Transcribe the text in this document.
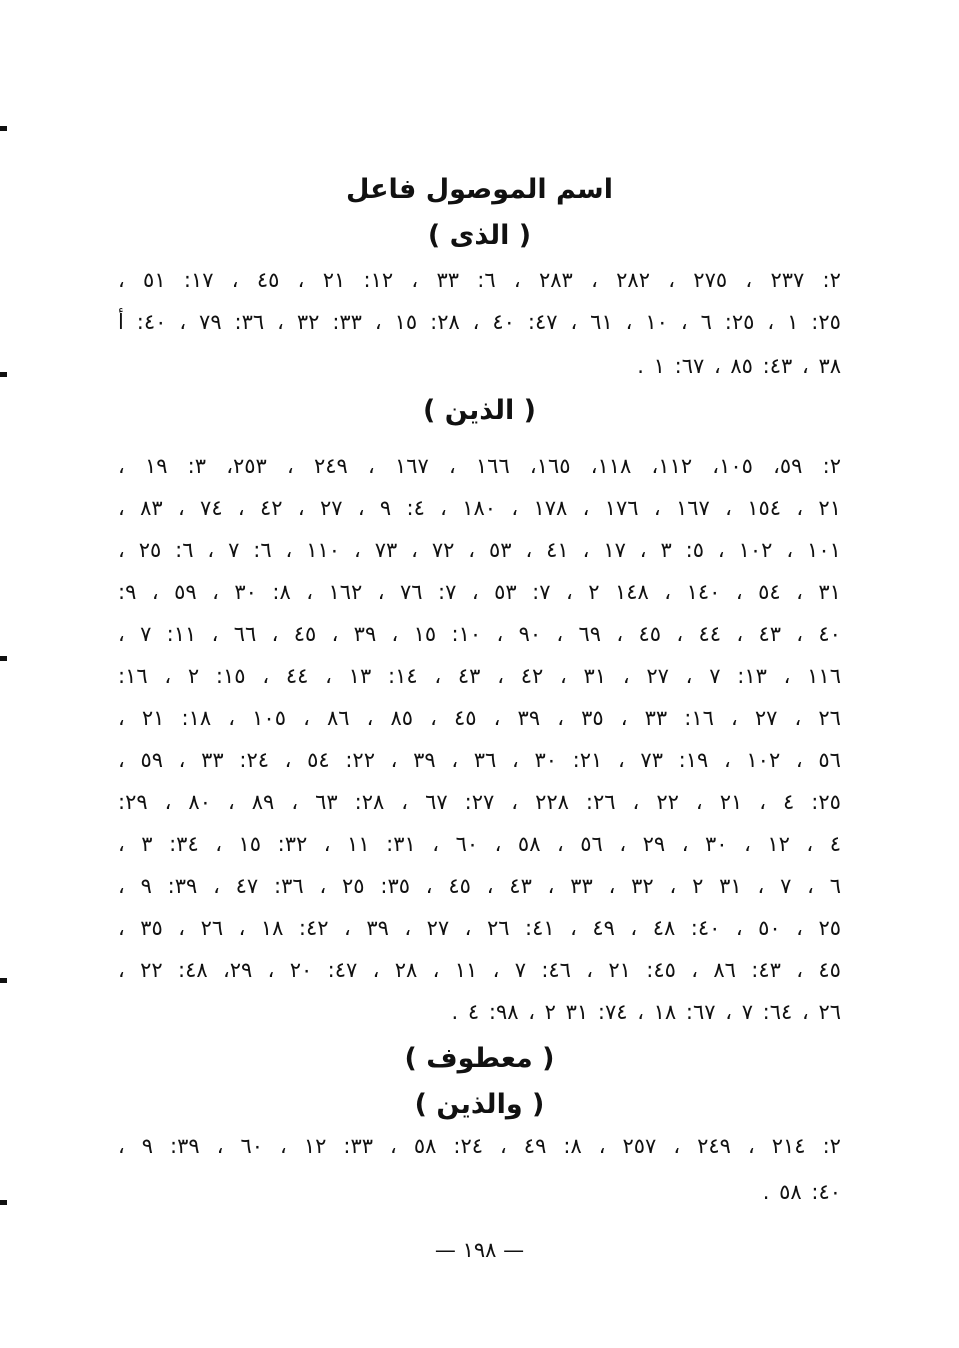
اسم الموصول فاعل
( الذى )
٢: ٢٣٧ ، ٢٧٥ ، ٢٨٢ ، ٢٨٣ ، ٦: ٣٣ ، ١٢: ٢١ ، ٤٥ ، ١٧: ٥١ ،
٢٥: ١ ، ٢٥: ٦ ، ١٠ ، ٦١ ، ٤٧: ٤٠ ، ٢٨: ١٥ ، ٣٣: ٣٢ ، ٣٦: ٧٩ ، ٤٠: أ
٣٨ ، ٤٣: ٨٥ ، ٦٧: ١ .
( الذين )
٢: ٥٩، ١٠٥، ١١٢، ١١٨، ١٦٥، ١٦٦ ، ١٦٧ ، ٢٤٩ ، ٢٥٣، ٣: ١٩ ،
٢١ ، ١٥٤ ، ١٦٧ ، ١٧٦ ، ١٧٨ ، ١٨٠ ، ٤: ٩ ، ٢٧ ، ٤٢ ، ٧٤ ، ٨٣ ،
١٠١ ، ١٠٢ ، ٥: ٣ ، ١٧ ، ٤١ ، ٥٣ ، ٧٢ ، ٧٣ ، ١١٠ ، ٦: ٧ ، ٦: ٢٥ ،
٣١ ، ٥٤ ، ١٤٠ ، ١٤٨ ٢ ، ٧: ٥٣ ، ٧: ٧٦ ، ١٦٢ ، ٨: ٣٠ ، ٥٩ ، ٩:
٤٠ ، ٤٣ ، ٤٤ ، ٤٥ ، ٦٩ ، ٩٠ ، ١٠: ١٥ ، ٣٩ ، ٤٥ ، ٦٦ ، ١١: ٧ ،
١١٦ ، ١٣: ٧ ، ٢٧ ، ٣١ ، ٤٢ ، ٤٣ ، ١٤: ١٣ ، ٤٤ ، ١٥: ٢ ، ١٦:
٢٦ ، ٢٧ ، ١٦: ٣٣ ، ٣٥ ، ٣٩ ، ٤٥ ، ٨٥ ، ٨٦ ، ١٠٥ ، ١٨: ٢١ ،
٥٦ ، ١٠٢ ، ١٩: ٧٣ ، ٢١: ٣٠ ، ٣٦ ، ٣٩ ، ٢٢: ٥٤ ، ٢٤: ٣٣ ، ٥٩ ،
٢٥: ٤ ، ٢١ ، ٢٢ ، ٢٦: ٢٢٨ ، ٢٧: ٦٧ ، ٢٨: ٦٣ ، ٨٩ ، ٨٠ ، ٢٩:
٤ ، ١٢ ، ٣٠ ، ٢٩ ، ٥٦ ، ٥٨ ، ٦٠ ، ٣١: ١١ ، ٣٢: ١٥ ، ٣٤: ٣ ،
٦ ، ٧ ، ٣١ ٢ ، ٣٢ ، ٣٣ ، ٤٣ ، ٤٥ ، ٣٥: ٢٥ ، ٣٦: ٤٧ ، ٣٩: ٩ ،
٢٥ ، ٥٠ ، ٤٠: ٤٨ ، ٤٩ ، ٤١: ٢٦ ، ٢٧ ، ٣٩ ، ٤٢: ١٨ ، ٢٦ ، ٣٥ ،
٤٥ ، ٤٣: ٨٦ ، ٤٥: ٢١ ، ٤٦: ٧ ، ١١ ، ٢٨ ، ٤٧: ٢٠ ، ٢٩، ٤٨: ٢٢ ،
٢٦ ، ٦٤: ٧ ، ٦٧: ١٨ ، ٧٤: ٣١ ٢ ، ٩٨: ٤ .
( معطوف )
( والذين )
٢: ٢١٤ ، ٢٤٩ ، ٢٥٧ ، ٨: ٤٩ ، ٢٤: ٥٨ ، ٣٣: ١٢ ، ٦٠ ، ٣٩: ٩ ،
٤٠: ٥٨ .
— ١٩٨ —
